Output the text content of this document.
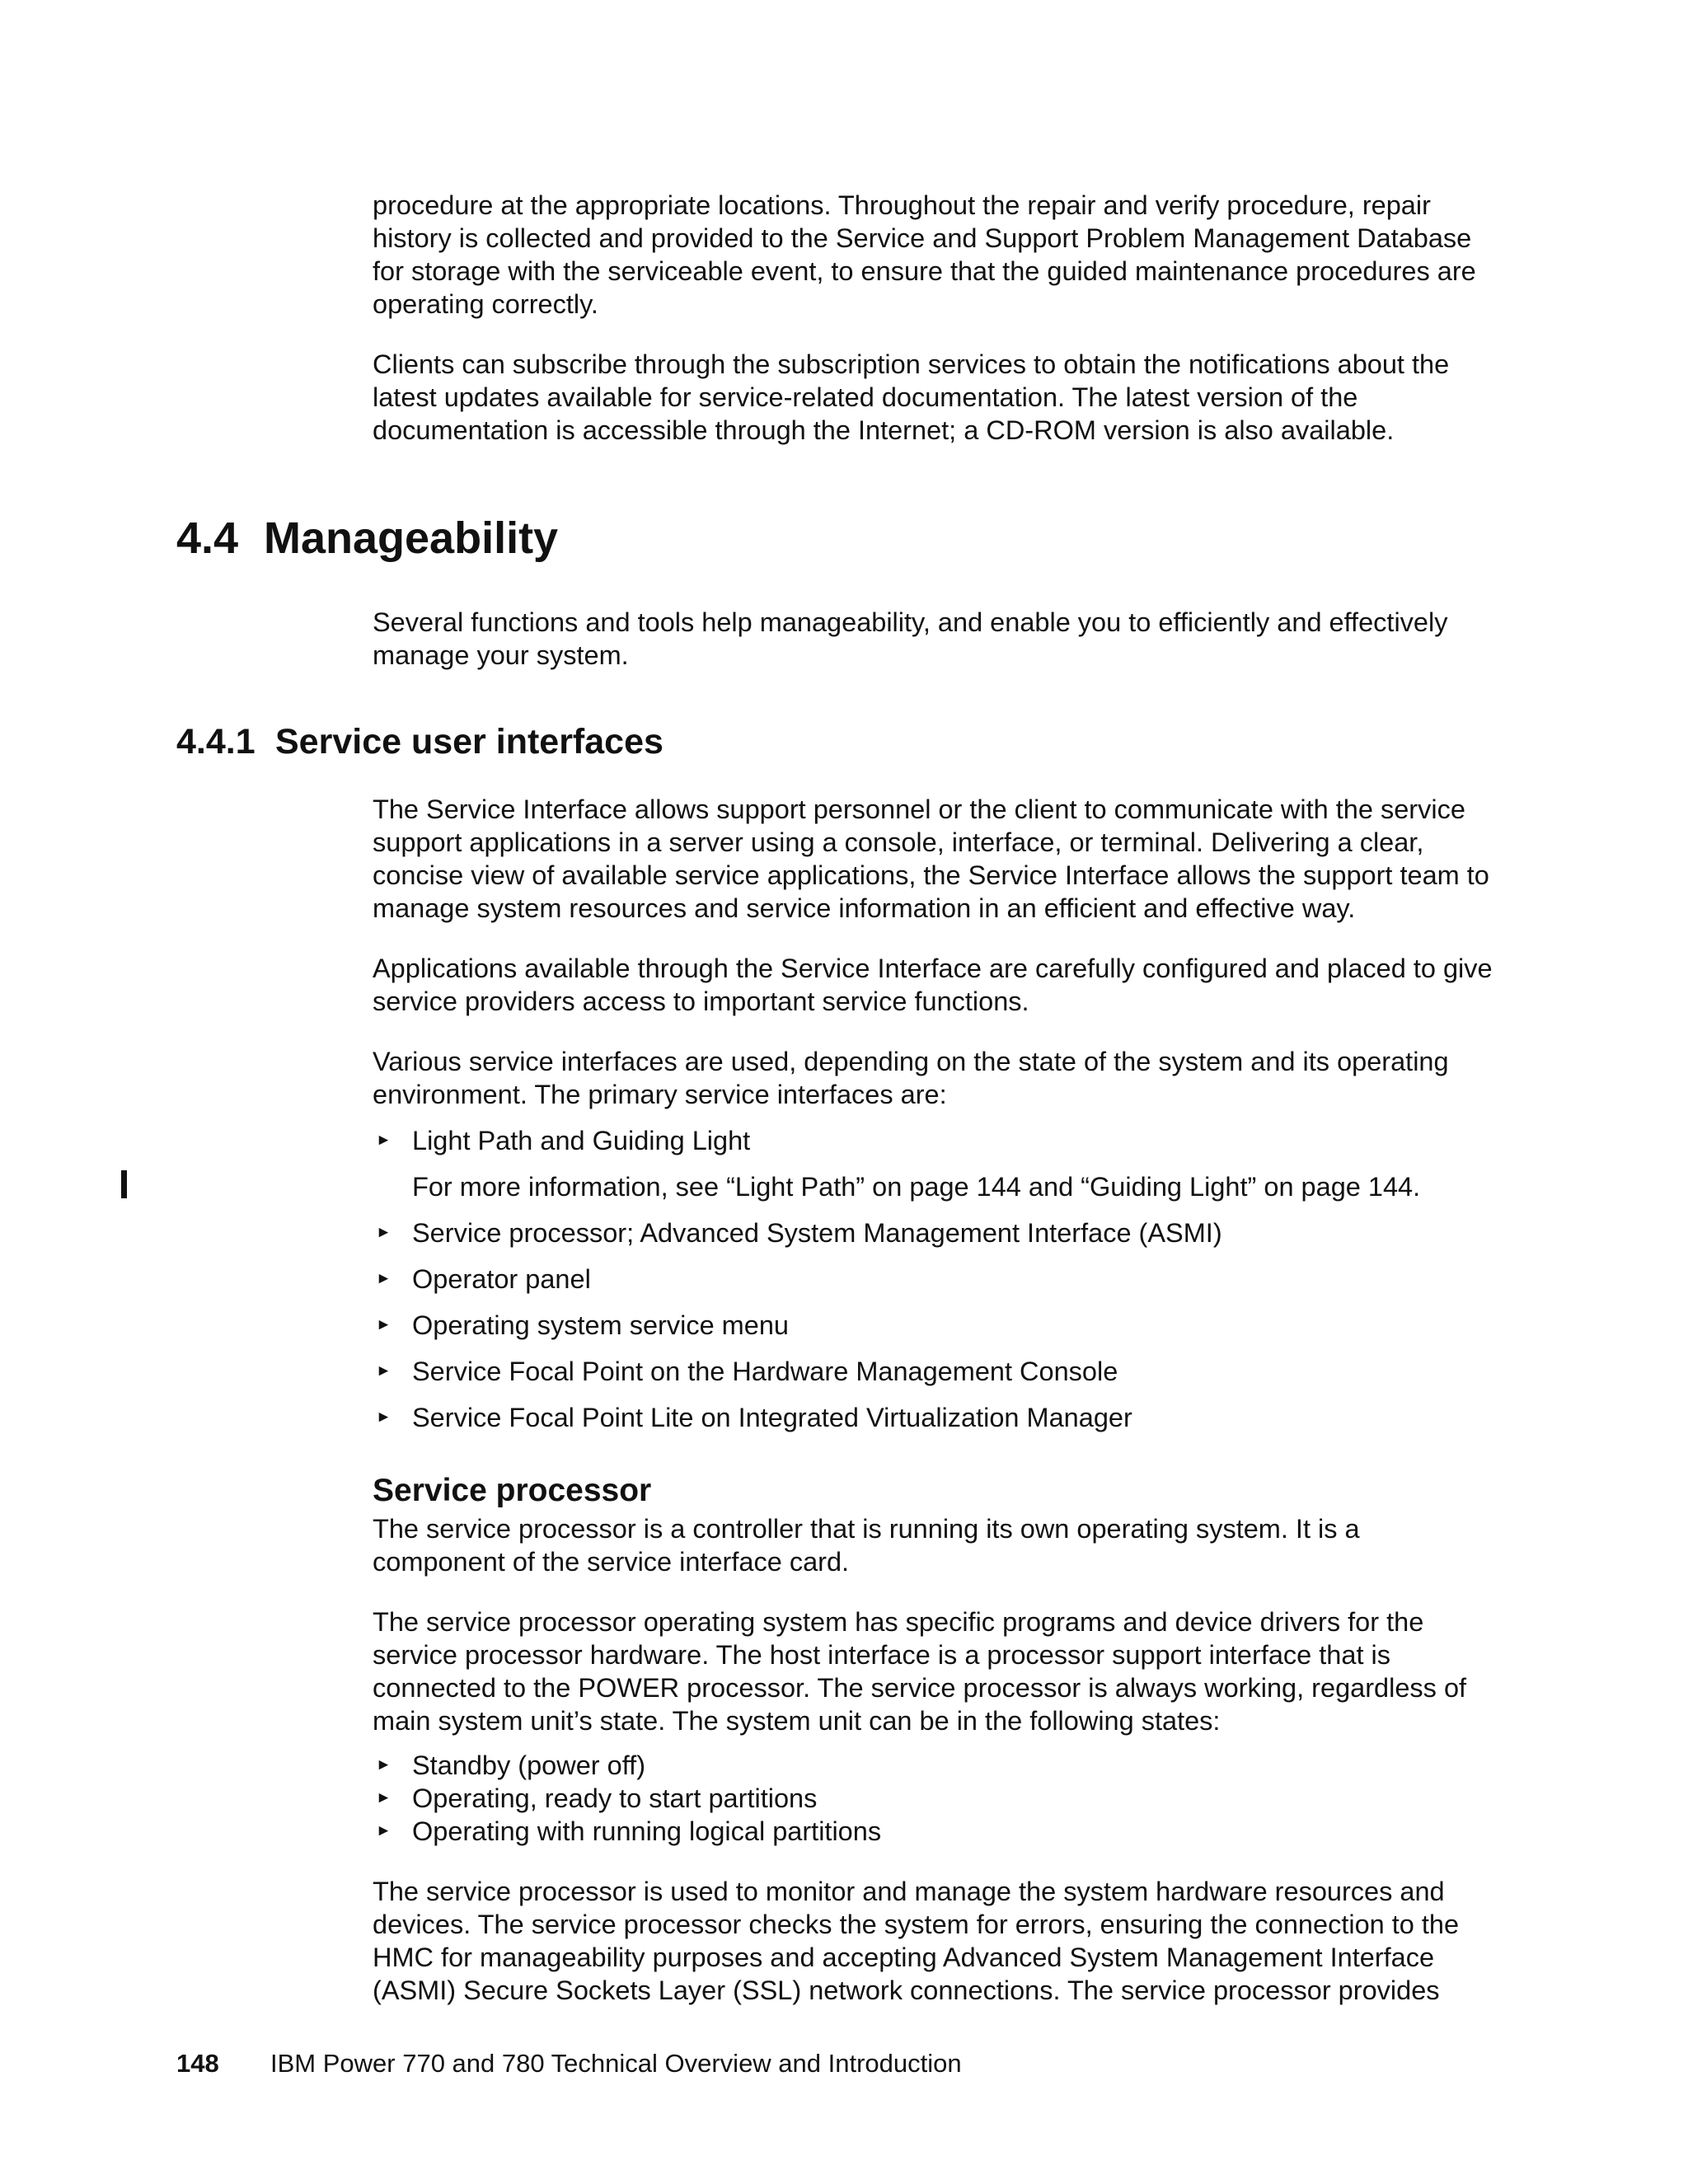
procedure at the appropriate locations. Throughout the repair and verify procedure, repair history is collected and provided to the Service and Support Problem Management Database for storage with the serviceable event, to ensure that the guided maintenance procedures are operating correctly.

Clients can subscribe through the subscription services to obtain the notifications about the latest updates available for service-related documentation. The latest version of the documentation is accessible through the Internet; a CD-ROM version is also available.

4.4 Manageability

Several functions and tools help manageability, and enable you to efficiently and effectively manage your system.

4.4.1 Service user interfaces

The Service Interface allows support personnel or the client to communicate with the service support applications in a server using a console, interface, or terminal. Delivering a clear, concise view of available service applications, the Service Interface allows the support team to manage system resources and service information in an efficient and effective way.

Applications available through the Service Interface are carefully configured and placed to give service providers access to important service functions.

Various service interfaces are used, depending on the state of the system and its operating environment. The primary service interfaces are:

► Light Path and Guiding Light

For more information, see “Light Path” on page 144 and “Guiding Light” on page 144.

► Service processor; Advanced System Management Interface (ASMI)
► Operator panel
► Operating system service menu
► Service Focal Point on the Hardware Management Console
► Service Focal Point Lite on Integrated Virtualization Manager
Service processor

The service processor is a controller that is running its own operating system. It is a component of the service interface card.

The service processor operating system has specific programs and device drivers for the service processor hardware. The host interface is a processor support interface that is connected to the POWER processor. The service processor is always working, regardless of main system unit’s state. The system unit can be in the following states:

► Standby (power off)
► Operating, ready to start partitions
► Operating with running logical partitions

The service processor is used to monitor and manage the system hardware resources and devices. The service processor checks the system for errors, ensuring the connection to the HMC for manageability purposes and accepting Advanced System Management Interface (ASMI) Secure Sockets Layer (SSL) network connections. The service processor provides

148 IBM Power 770 and 780 Technical Overview and Introduction
